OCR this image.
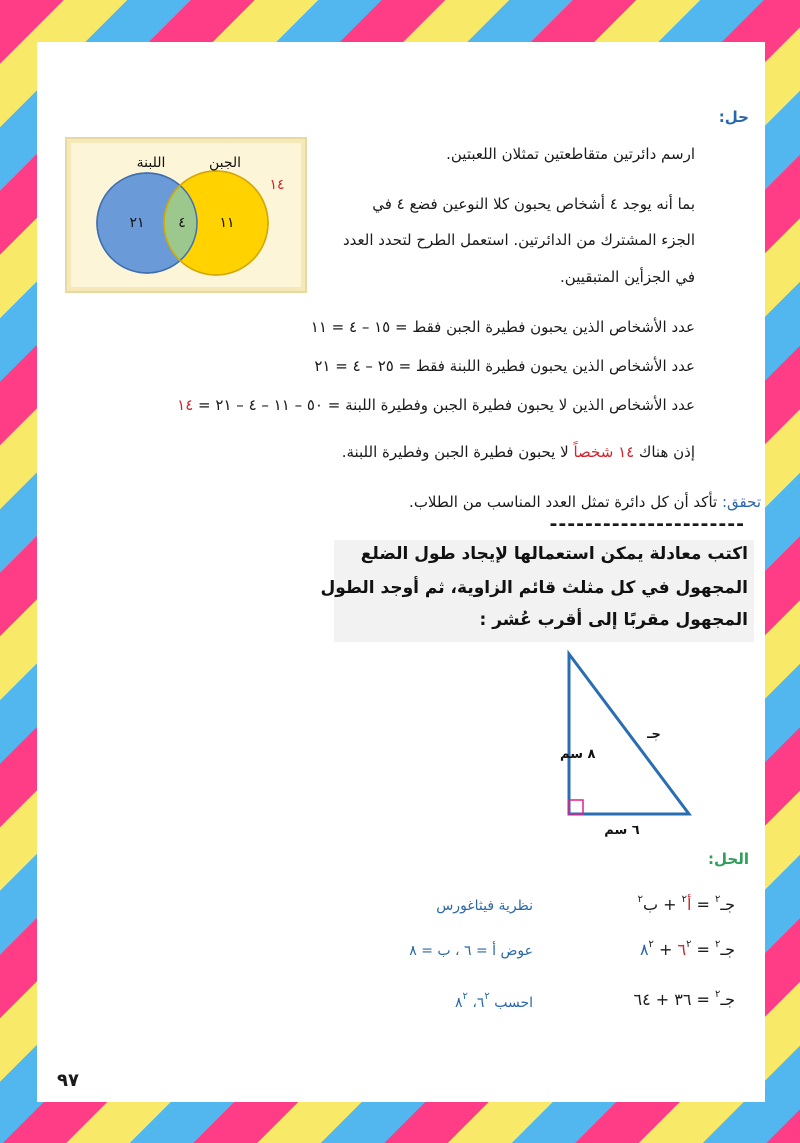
حل:
اللبنة	الجبن
٢١ ٤ ١١
١٤
ارسم دائرتين متقاطعتين تمثلان اللعبتين.
بما أنه يوجد ٤ أشخاص يحبون كلا النوعين فضع ٤ في
الجزء المشترك من الدائرتين. استعمل الطرح لتحدد العدد
في الجزأين المتبقيين.
عدد الأشخاص الذين يحبون فطيرة الجبن فقط = ١٥ – ٤ = ١١
عدد الأشخاص الذين يحبون فطيرة اللبنة فقط = ٢٥ – ٤ = ٢١
عدد الأشخاص الذين لا يحبون فطيرة الجبن وفطيرة اللبنة = ٥٠ – ١١ – ٤ – ٢١ = ١٤
إذن هناك ١٤ شخصاً لا يحبون فطيرة الجبن وفطيرة اللبنة.
تحقق: تأكد أن كل دائرة تمثل العدد المناسب من الطلاب.
----------------------
اكتب معادلة يمكن استعمالها لإيجاد طول الضلع
المجهول في كل مثلث قائم الزاوية، ثم أوجد الطول
المجهول مقربًا إلى أقرب عُشر :
٨ سم
٦ سم
جـ
الحل:
جـ$^٢$ = أ$^٢$ + ب$^٢$
نظرية فيثاغورس
جـ$^٢$ = $٦^٢$ + $٨^٢$
عوض أ = ٦ ، ب = ٨
جـ$^٢$ = ٣٦ + ٦٤
احسب $٦^٢،$ $٨^٢$
٩٧
